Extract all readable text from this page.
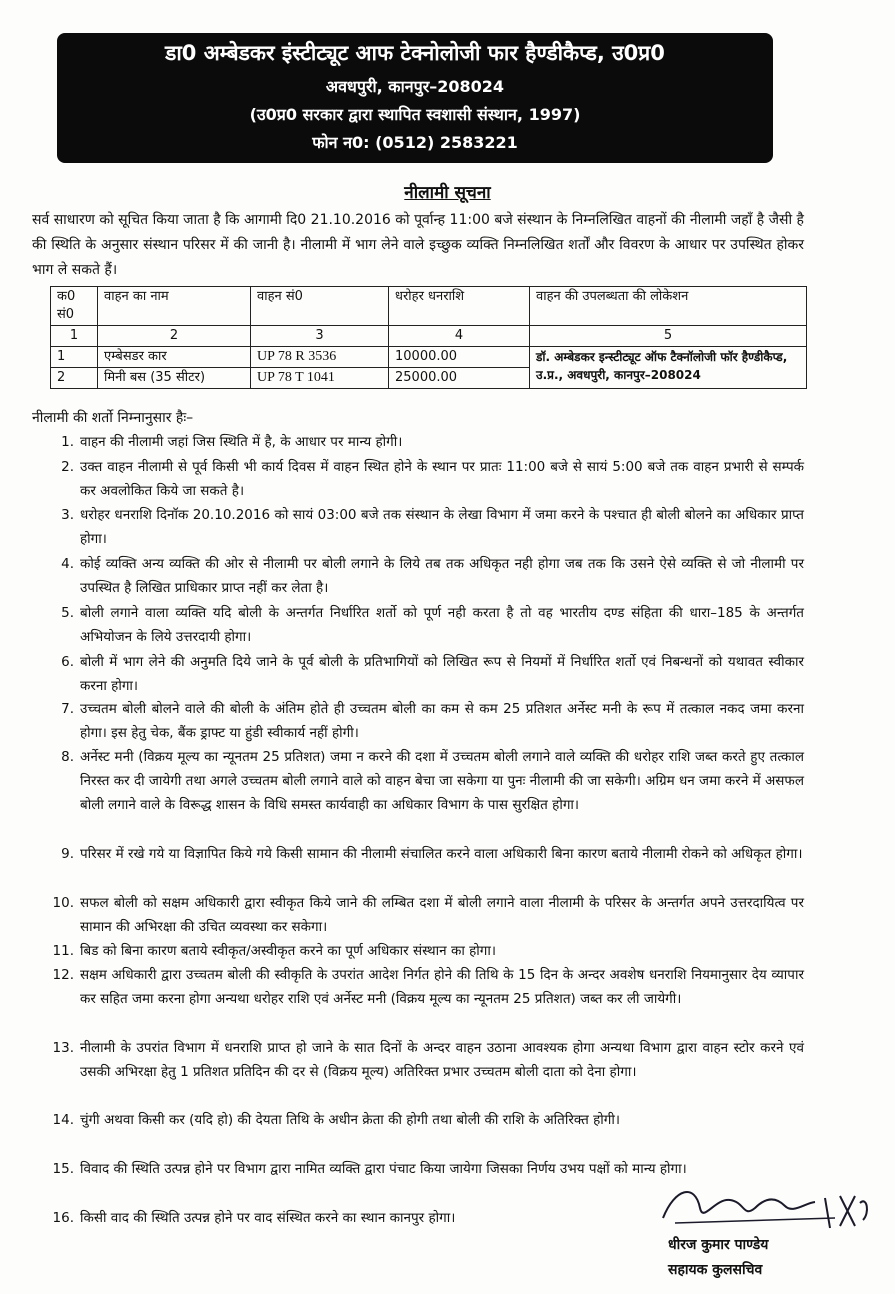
डा0 अम्बेडकर इंस्टीट्यूट आफ टेक्नोलोजी फार हैण्डीकैप्ड, उ0प्र0
अवधपुरी, कानपुर–208024
(उ0प्र0 सरकार द्वारा स्थापित स्वशासी संस्थान, 1997)
फोन न0: (0512) 2583221
नीलामी सूचना
सर्व साधारण को सूचित किया जाता है कि आगामी दि0 21.10.2016 को पूर्वान्ह 11:00 बजे संस्थान के निम्नलिखित वाहनों की नीलामी जहाँ है जैसी है की स्थिति के अनुसार संस्थान परिसर में की जानी है। नीलामी में भाग लेने वाले इच्छुक व्यक्ति निम्नलिखित शर्तों और विवरण के आधार पर उपस्थित होकर भाग ले सकते हैं।
क0 सं0	वाहन का नाम	वाहन सं0	धरोहर धनराशि	वाहन की उपलब्धता की लोकेशन
1	2	3	4	5
1	एम्बेसडर कार	UP 78 R 3536	10000.00	डॉ. अम्बेडकर इन्स्टीट्यूट ऑफ टैक्नॉलोजी फॉर हैण्डीकैप्ड, उ.प्र., अवधपुरी, कानपुर–208024
2	मिनी बस (35 सीटर)	UP 78 T 1041	25000.00	
नीलामी की शर्तो निम्नानुसार हैः–
1. वाहन की नीलामी जहां जिस स्थिति में है, के आधार पर मान्य होगी।
2. उक्त वाहन नीलामी से पूर्व किसी भी कार्य दिवस में वाहन स्थित होने के स्थान पर प्रातः 11:00 बजे से सायं 5:00 बजे तक वाहन प्रभारी से सम्पर्क कर अवलोकित किये जा सकते है।
3. धरोहर धनराशि दिनॉक 20.10.2016 को सायं 03:00 बजे तक संस्थान के लेखा विभाग में जमा करने के पश्चात ही बोली बोलने का अधिकार प्राप्त होगा।
4. कोई व्यक्ति अन्य व्यक्ति की ओर से नीलामी पर बोली लगाने के लिये तब तक अधिकृत नही होगा जब तक कि उसने ऐसे व्यक्ति से जो नीलामी पर उपस्थित है लिखित प्राधिकार प्राप्त नहीं कर लेता है।
5. बोली लगाने वाला व्यक्ति यदि बोली के अन्तर्गत निर्धारित शर्तो को पूर्ण नही करता है तो वह भारतीय दण्ड संहिता की धारा–185 के अन्तर्गत अभियोजन के लिये उत्तरदायी होगा।
6. बोली में भाग लेने की अनुमति दिये जाने के पूर्व बोली के प्रतिभागियों को लिखित रूप से नियमों में निर्धारित शर्तो एवं निबन्धनों को यथावत स्वीकार करना होगा।
7. उच्चतम बोली बोलने वाले की बोली के अंतिम होते ही उच्चतम बोली का कम से कम 25 प्रतिशत अर्नेस्ट मनी के रूप में तत्काल नकद जमा करना होगा। इस हेतु चेक, बैंक ड्राफ्ट या हुंडी स्वीकार्य नहीं होगी।
8. अर्नेस्ट मनी (विक्रय मूल्य का न्यूनतम 25 प्रतिशत) जमा न करने की दशा में उच्चतम बोली लगाने वाले व्यक्ति की धरोहर राशि जब्त करते हुए तत्काल निरस्त कर दी जायेगी तथा अगले उच्चतम बोली लगाने वाले को वाहन बेचा जा सकेगा या पुनः नीलामी की जा सकेगी। अग्रिम धन जमा करने में असफल बोली लगाने वाले के विरूद्ध शासन के विधि समस्त कार्यवाही का अधिकार विभाग के पास सुरक्षित होगा।
9. परिसर में रखे गये या विज्ञापित किये गये किसी सामान की नीलामी संचालित करने वाला अधिकारी बिना कारण बताये नीलामी रोकने को अधिकृत होगा।
10. सफल बोली को सक्षम अधिकारी द्वारा स्वीकृत किये जाने की लम्बित दशा में बोली लगाने वाला नीलामी के परिसर के अन्तर्गत अपने उत्तरदायित्व पर सामान की अभिरक्षा की उचित व्यवस्था कर सकेगा।
11. बिड को बिना कारण बताये स्वीकृत/अस्वीकृत करने का पूर्ण अधिकार संस्थान का होगा।
12. सक्षम अधिकारी द्वारा उच्चतम बोली की स्वीकृति के उपरांत आदेश निर्गत होने की तिथि के 15 दिन के अन्दर अवशेष धनराशि नियमानुसार देय व्यापार कर सहित जमा करना होगा अन्यथा धरोहर राशि एवं अर्नेस्ट मनी (विक्रय मूल्य का न्यूनतम 25 प्रतिशत) जब्त कर ली जायेगी।
13. नीलामी के उपरांत विभाग में धनराशि प्राप्त हो जाने के सात दिनों के अन्दर वाहन उठाना आवश्यक होगा अन्यथा विभाग द्वारा वाहन स्टोर करने एवं उसकी अभिरक्षा हेतु 1 प्रतिशत प्रतिदिन की दर से (विक्रय मूल्य) अतिरिक्त प्रभार उच्चतम बोली दाता को देना होगा।
14. चुंगी अथवा किसी कर (यदि हो) की देयता तिथि के अधीन क्रेता की होगी तथा बोली की राशि के अतिरिक्त होगी।
15. विवाद की स्थिति उत्पन्न होने पर विभाग द्वारा नामित व्यक्ति द्वारा पंचाट किया जायेगा जिसका निर्णय उभय पक्षों को मान्य होगा।
16. किसी वाद की स्थिति उत्पन्न होने पर वाद संस्थित करने का स्थान कानपुर होगा।
धीरज कुमार पाण्डेय
सहायक कुलसचिव
